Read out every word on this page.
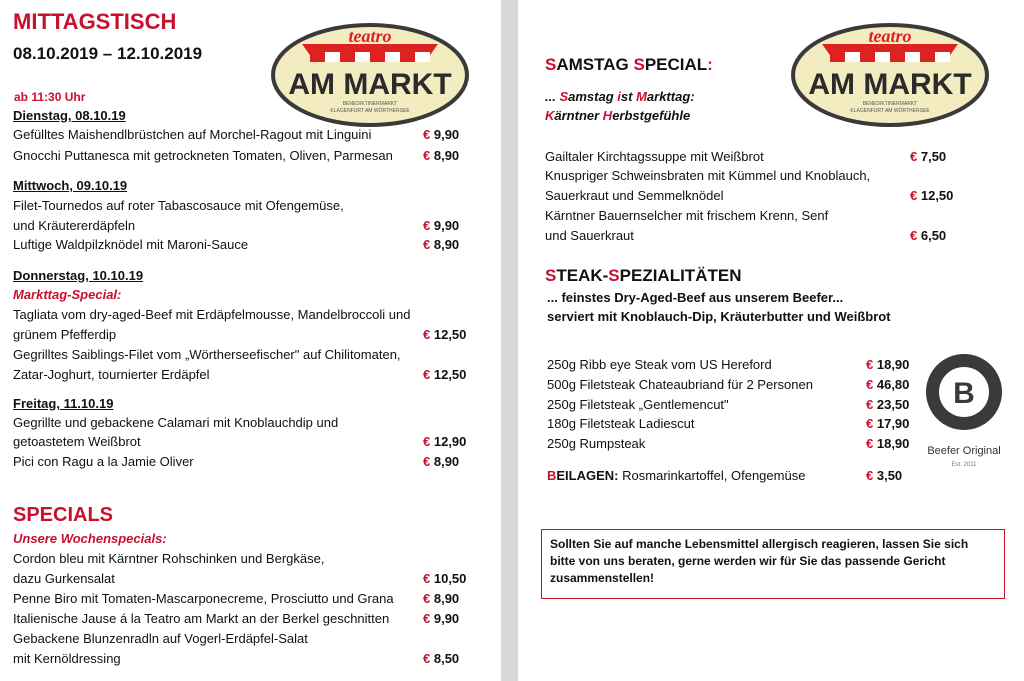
MITTAGSTISCH
08.10.2019 – 12.10.2019
ab 11:30 Uhr
Dienstag, 08.10.19
Gefülltes Maishendlbrüstchen auf Morchel-Ragout mit Linguini	€ 9,90
Gnocchi Puttanesca mit getrockneten Tomaten, Oliven, Parmesan € 8,90
Mittwoch, 09.10.19
Filet-Tournedos auf roter Tabascosauce mit Ofengemüse,
und Kräutererdäpfeln	€ 9,90
Luftige Waldpilzknödel mit Maroni-Sauce	€ 8,90
Donnerstag, 10.10.19
Markttag-Special:
Tagliata vom dry-aged-Beef mit Erdäpfelmousse, Mandelbroccoli und
grünem Pfefferdip	€ 12,50
Gegrilltes Saiblings-Filet vom „Wörtherseefischer" auf Chilitomaten,
Zatar-Joghurt, tournierter Erdäpfel	€ 12,50
Freitag, 11.10.19
Gegrillte und gebackene Calamari mit Knoblauchdip und
getoastetem Weißbrot	€ 12,90
Pici con Ragu a la Jamie Oliver	€ 8,90
SPECIALS
Unsere Wochenspecials:
Cordon bleu mit Kärntner Rohschinken und Bergkäse,
dazu Gurkensalat	€ 10,50
Penne Biro mit Tomaten-Mascarponecreme, Prosciutto und Grana € 8,90
Italienische Jause á la Teatro am Markt an der Berkel geschnitten	€ 9,90
Gebackene Blunzenradln auf Vogerl-Erdäpfel-Salat
mit Kernöldressing	€ 8,50
teatro
AM MARKT
BENEDIKTINERMARKT
KLAGENFURT AM WÖRTHERSEE
teatro
AM MARKT
BENEDIKTINERMARKT
KLAGENFURT AM WÖRTHERSEE
SAMSTAG SPECIAL:
... Samstag ist Markttag:
Kärntner Herbstgefühle
Gailtaler Kirchtagssuppe mit Weißbrot	€ 7,50
Knuspriger Schweinsbraten mit Kümmel und Knoblauch,
Sauerkraut und Semmelknödel	€ 12,50
Kärntner Bauernselcher mit frischem Krenn, Senf
und Sauerkraut	€ 6,50
STEAK-SPEZIALITÄTEN
... feinstes Dry-Aged-Beef aus unserem Beefer...
serviert mit Knoblauch-Dip, Kräuterbutter und Weißbrot
250g Ribb eye Steak vom US Hereford	€ 18,90
500g Filetsteak Chateaubriand für 2 Personen	€ 46,80
250g Filetsteak „Gentlemencut"	€ 23,50
180g Filetsteak Ladiescut	€ 17,90
250g Rumpsteak	€ 18,90
BEILAGEN: Rosmarinkartoffel, Ofengemüse	€ 3,50
B
Beefer Original
Est. 2011
Sollten Sie auf manche Lebensmittel allergisch reagieren, lassen Sie sich bitte von uns beraten, gerne werden wir für Sie das passende Gericht zusammenstellen!
